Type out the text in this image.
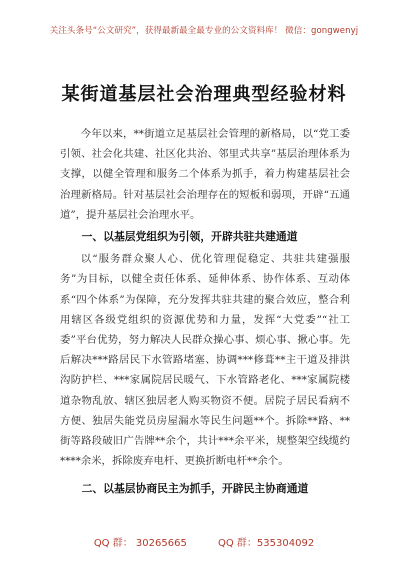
关注头条号“公文研究”，获得最新最全最专业的公文资料库！ 微信：gongwenyj
某街道基层社会治理典型经验材料

今年以来，**街道立足基层社会管理的新格局，以“党工委引领、社会化共建、社区化共治、邻里式共享”基层治理体系为支撑，以健全管理和服务二个体系为抓手，着力构建基层社会治理新格局。针对基层社会治理存在的短板和弱项，开辟“五通道”，提升基层社会治理水平。

一、以基层党组织为引领，开辟共驻共建通道

以“服务群众聚人心、优化管理促稳定、共驻共建强服务”为目标，以健全责任体系、延伸体系、协作体系、互动体系“四个体系”为保障，充分发挥共驻共建的聚合效应，整合利用辖区各级党组织的资源优势和力量，发挥“大党委”“社工委”平台优势，努力解决人民群众操心事、烦心事、揪心事。先后解决***路居民下水管路堵塞、协调***修葺**主干道及排洪沟防护栏、***家属院居民暖气、下水管路老化、***家属院楼道杂物乱放、辖区独居老人购买物资不便。居院子居民看病不方便、独居失能党员房屋漏水等民生问题**个。拆除**路、**街等路段破旧广告牌**余个，共计***余平米，规整架空线缆约****余米，拆除废弃电杆、更换折断电杆**余个。

二、以基层协商民主为抓手，开辟民主协商通道

QQ 群： 30265665	QQ 群：535304092
